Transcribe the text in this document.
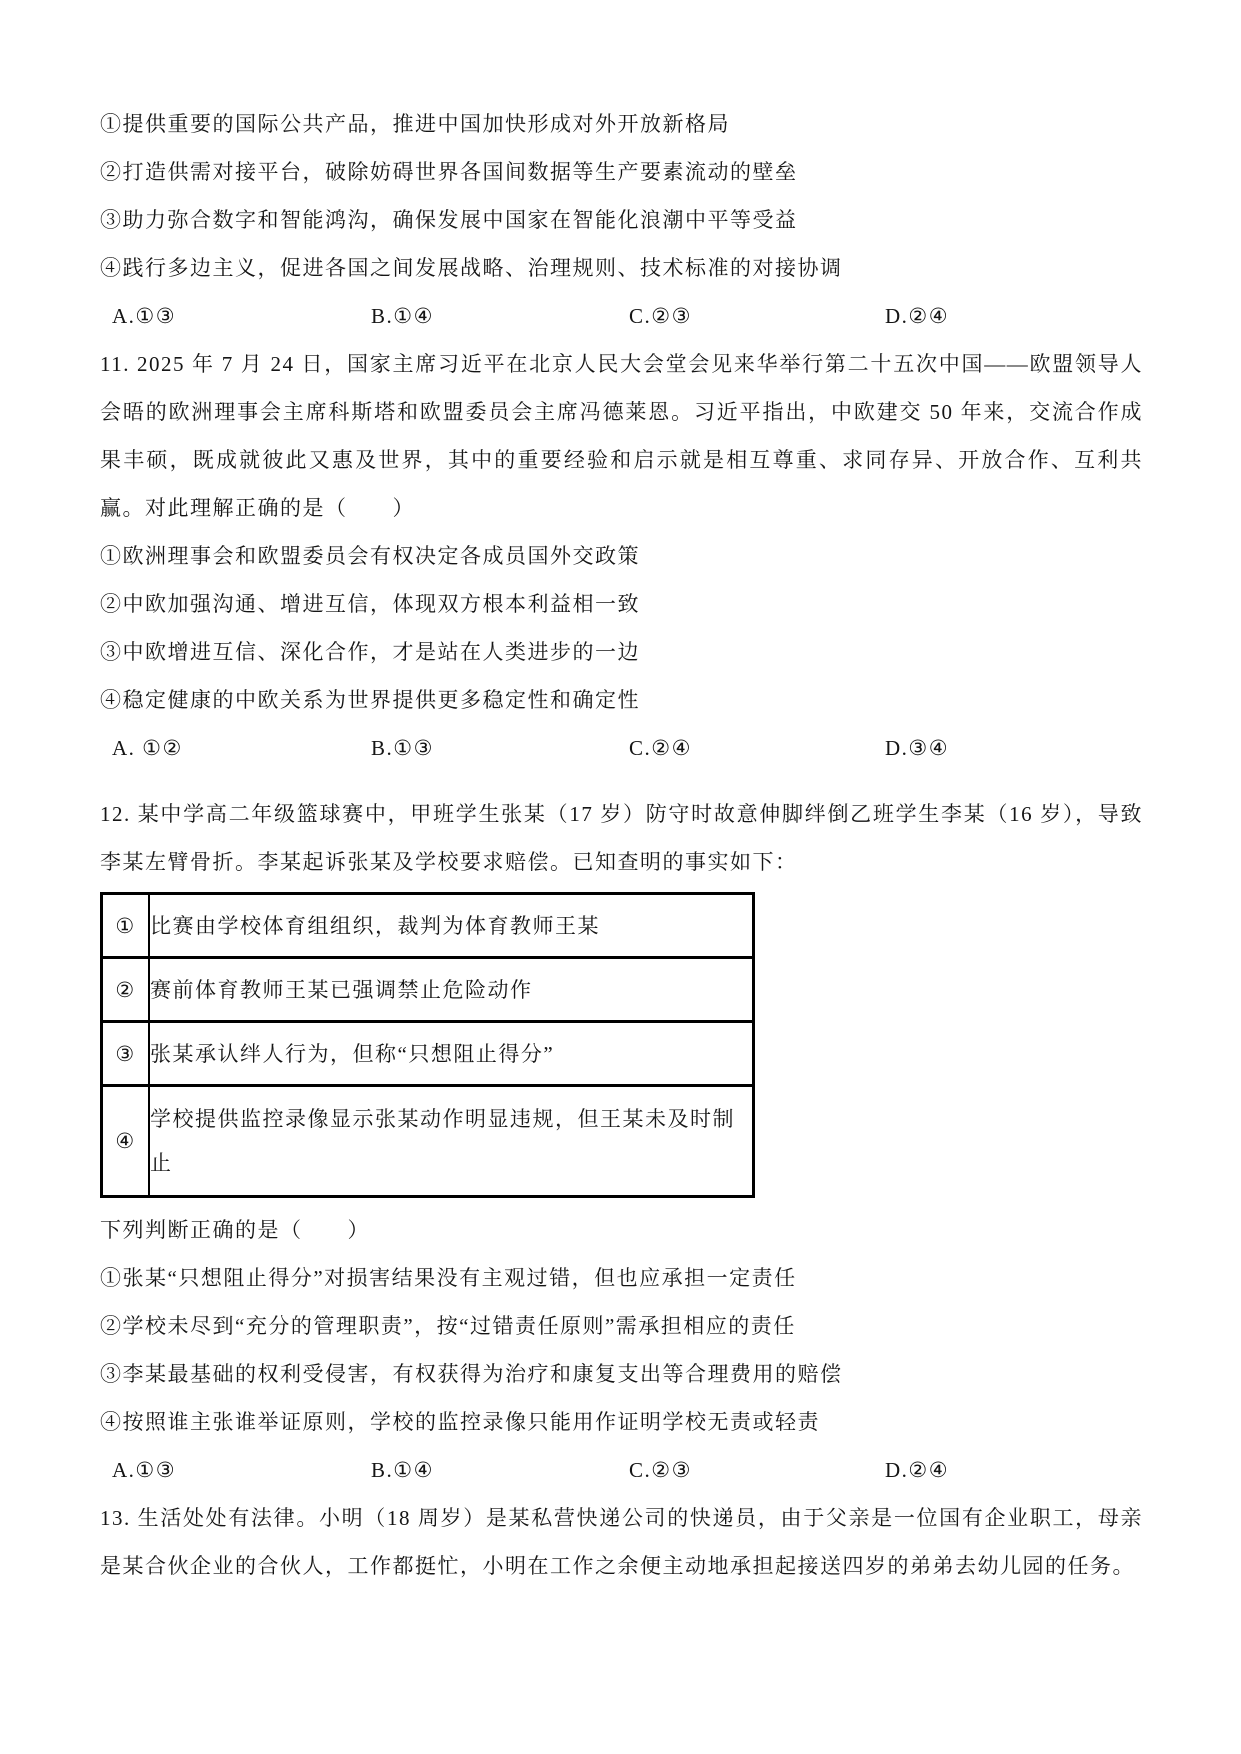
①提供重要的国际公共产品，推进中国加快形成对外开放新格局

②打造供需对接平台，破除妨碍世界各国间数据等生产要素流动的壁垒

③助力弥合数字和智能鸿沟，确保发展中国家在智能化浪潮中平等受益

④践行多边主义，促进各国之间发展战略、治理规则、技术标准的对接协调

A.①③	B.①④	C.②③	D.②④

11. 2025 年 7 月 24 日，国家主席习近平在北京人民大会堂会见来华举行第二十五次中国——欧盟领导人会晤的欧洲理事会主席科斯塔和欧盟委员会主席冯德莱恩。习近平指出，中欧建交 50 年来，交流合作成果丰硕，既成就彼此又惠及世界，其中的重要经验和启示就是相互尊重、求同存异、开放合作、互利共赢。对此理解正确的是（　　）

①欧洲理事会和欧盟委员会有权决定各成员国外交政策

②中欧加强沟通、增进互信，体现双方根本利益相一致

③中欧增进互信、深化合作，才是站在人类进步的一边

④稳定健康的中欧关系为世界提供更多稳定性和确定性

A. ①②	B.①③	C.②④	D.③④

12. 某中学高二年级篮球赛中，甲班学生张某（17 岁）防守时故意伸脚绊倒乙班学生李某（16 岁），导致李某左臂骨折。李某起诉张某及学校要求赔偿。已知查明的事实如下：

①	比赛由学校体育组组织，裁判为体育教师王某
②	赛前体育教师王某已强调禁止危险动作
③	张某承认绊人行为，但称“只想阻止得分”
④	学校提供监控录像显示张某动作明显违规，但王某未及时制止

下列判断正确的是（　　）

①张某“只想阻止得分”对损害结果没有主观过错，但也应承担一定责任

②学校未尽到“充分的管理职责”，按“过错责任原则”需承担相应的责任

③李某最基础的权利受侵害，有权获得为治疗和康复支出等合理费用的赔偿

④按照谁主张谁举证原则，学校的监控录像只能用作证明学校无责或轻责

A.①③	B.①④	C.②③	D.②④

13. 生活处处有法律。小明（18 周岁）是某私营快递公司的快递员，由于父亲是一位国有企业职工，母亲是某合伙企业的合伙人，工作都挺忙，小明在工作之余便主动地承担起接送四岁的弟弟去幼儿园的任务。
